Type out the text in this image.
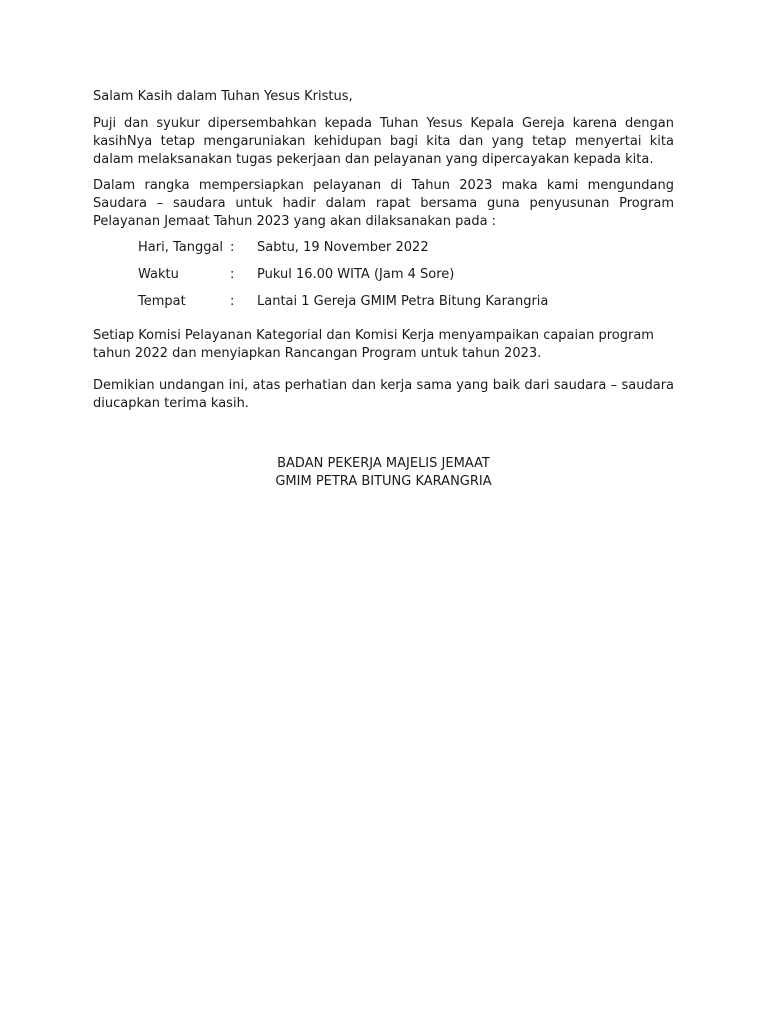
Salam Kasih dalam Tuhan Yesus Kristus,

Puji dan syukur dipersembahkan kepada Tuhan Yesus Kepala Gereja karena dengan kasihNya tetap mengaruniakan kehidupan bagi kita dan yang tetap menyertai kita dalam melaksanakan tugas pekerjaan dan pelayanan yang dipercayakan kepada kita.

Dalam rangka mempersiapkan pelayanan di Tahun 2023 maka kami mengundang Saudara – saudara untuk hadir dalam rapat bersama guna penyusunan Program Pelayanan Jemaat Tahun 2023 yang akan dilaksanakan pada :

Hari, Tanggal :	Sabtu, 19 November 2022
Waktu	:	Pukul 16.00 WITA (Jam 4 Sore)
Tempat	:	Lantai 1 Gereja GMIM Petra Bitung Karangria

Setiap Komisi Pelayanan Kategorial dan Komisi Kerja menyampaikan capaian program tahun 2022 dan menyiapkan Rancangan Program untuk tahun 2023.

Demikian undangan ini, atas perhatian dan kerja sama yang baik dari saudara – saudara diucapkan terima kasih.

BADAN PEKERJA MAJELIS JEMAAT
GMIM PETRA BITUNG KARANGRIA
